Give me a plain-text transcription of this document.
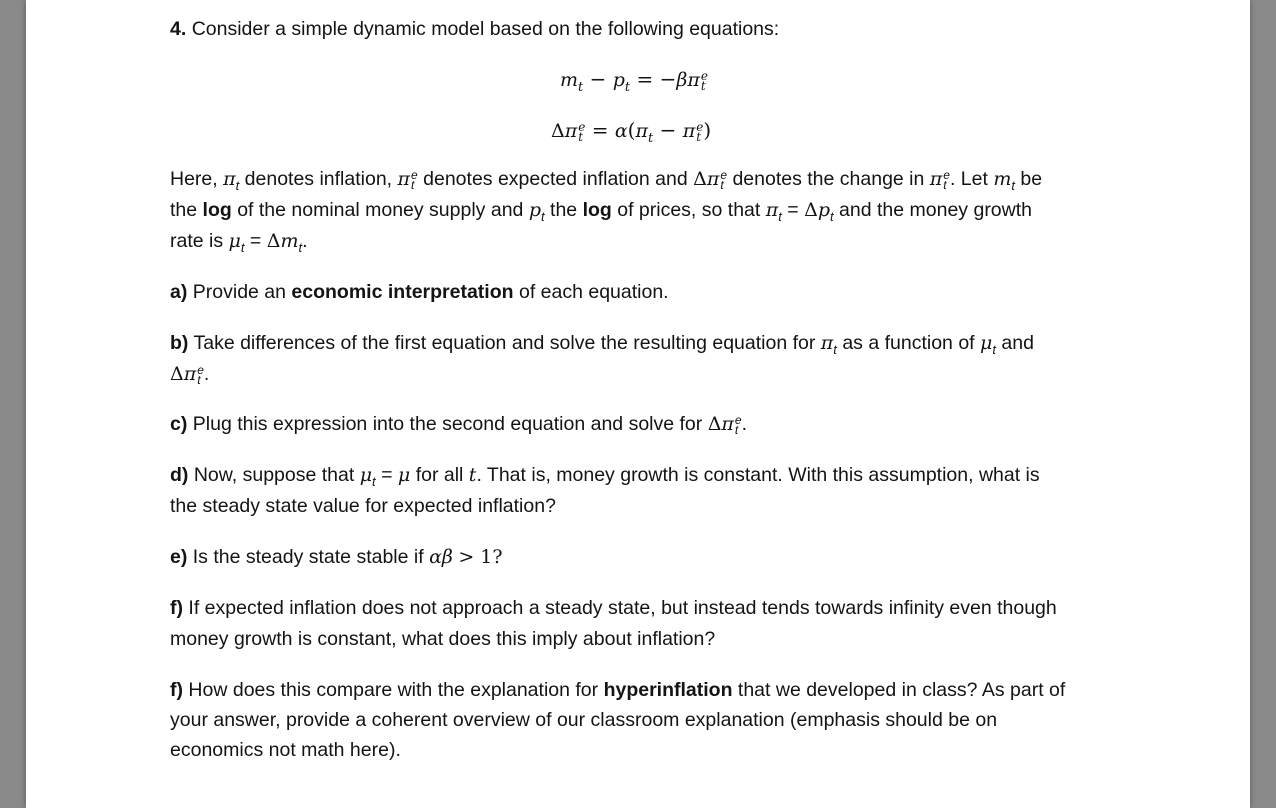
4. Consider a simple dynamic model based on the following equations:
$m_t - p_t = -\beta\pi$ e
t
Δπ e
$t = \alpha(\pi_t - \pi$ e
t )
Here, $\pi_t$ denotes inflation, π e
t denotes expected inflation and Δπ e
t denotes the change in π e
t . Let $m_t$ be
the log of the nominal money supply and $p_t$ the log of prices, so that $\pi_t = \Delta p_t$ and the money growth
rate is $\mu_t = \Delta m_t$.
a) Provide an economic interpretation of each equation.
b) Take differences of the first equation and solve the resulting equation for $\pi_t$ as a function of $\mu_t$ and
Δπ e
t .
c) Plug this expression into the second equation and solve for Δπ e
t .
d) Now, suppose that $\mu_t = \mu$ for all t. That is, money growth is constant. With this assumption, what is
the steady state value for expected inflation?
e) Is the steady state stable if αβ > 1?
f) If expected inflation does not approach a steady state, but instead tends towards infinity even though
money growth is constant, what does this imply about inflation?
f) How does this compare with the explanation for hyperinflation that we developed in class? As part of
your answer, provide a coherent overview of our classroom explanation (emphasis should be on
economics not math here).
